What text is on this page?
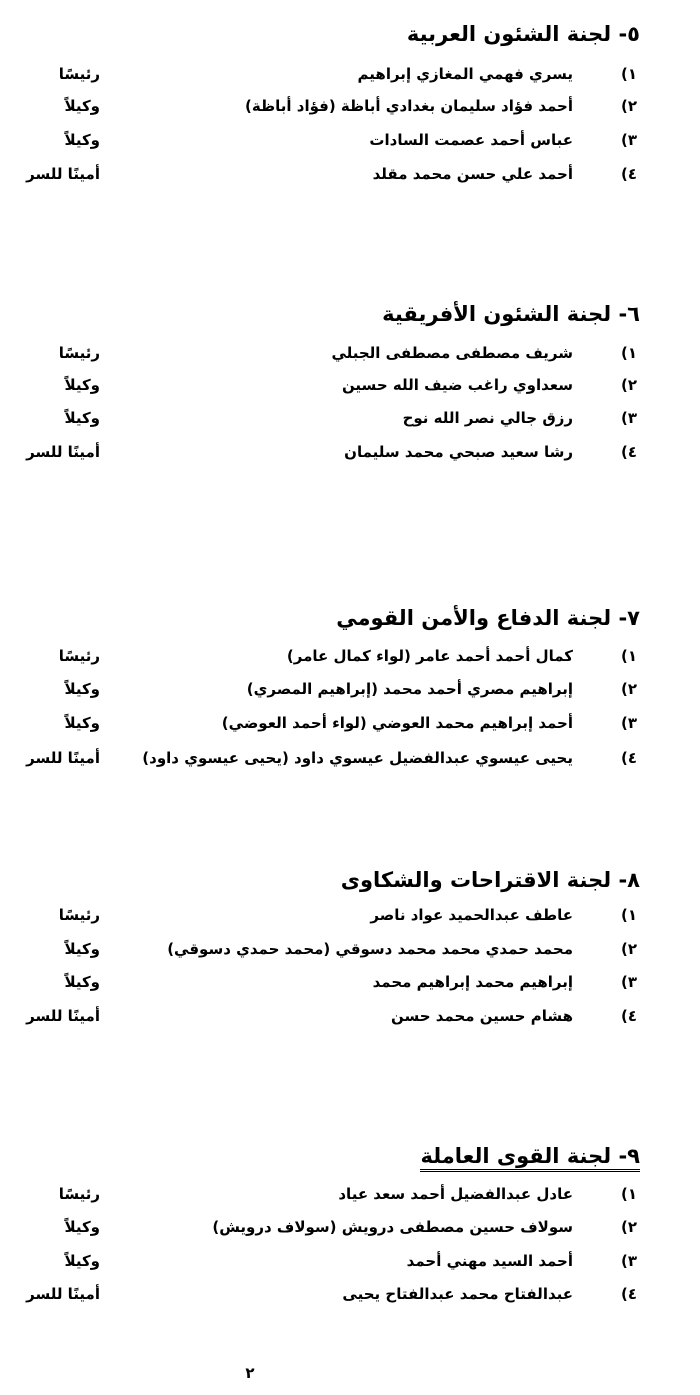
٥- لجنة الشئون العربية
١)
يسري فهمي المغازي إبراهيم
رئيسًا
٢)
أحمد فؤاد سليمان بغدادي أباظة (فؤاد أباظة)
وكيلاً
٣)
عباس أحمد عصمت السادات
وكيلاً
٤)
أحمد علي حسن محمد مقلد
أمينًا للسر
٦- لجنة الشئون الأفريقية
١)
شريف مصطفى مصطفى الجبلي
رئيسًا
٢)
سعداوي راغب ضيف الله حسين
وكيلاً
٣)
رزق جالي نصر الله نوح
وكيلاً
٤)
رشا سعيد صبحي محمد سليمان
أمينًا للسر
٧- لجنة الدفاع والأمن القومي
١)
كمال أحمد أحمد عامر (لواء كمال عامر)
رئيسًا
٢)
إبراهيم مصري أحمد محمد (إبراهيم المصري)
وكيلاً
٣)
أحمد إبراهيم محمد العوضي (لواء أحمد العوضي)
وكيلاً
٤)
يحيى عيسوي عبدالفضيل عيسوي داود (يحيى عيسوي داود)
أمينًا للسر
٨- لجنة الاقتراحات والشكاوى
١)
عاطف عبدالحميد عواد ناصر
رئيسًا
٢)
محمد حمدي محمد محمد دسوقي (محمد حمدي دسوقي)
وكيلاً
٣)
إبراهيم محمد إبراهيم محمد
وكيلاً
٤)
هشام حسين محمد حسن
أمينًا للسر
٩- لجنة القوى العاملة
١)
عادل عبدالفضيل أحمد سعد عياد
رئيسًا
٢)
سولاف حسين مصطفى درويش (سولاف درويش)
وكيلاً
٣)
أحمد السيد مهني أحمد
وكيلاً
٤)
عبدالفتاح محمد عبدالفتاح يحيى
أمينًا للسر
٢
